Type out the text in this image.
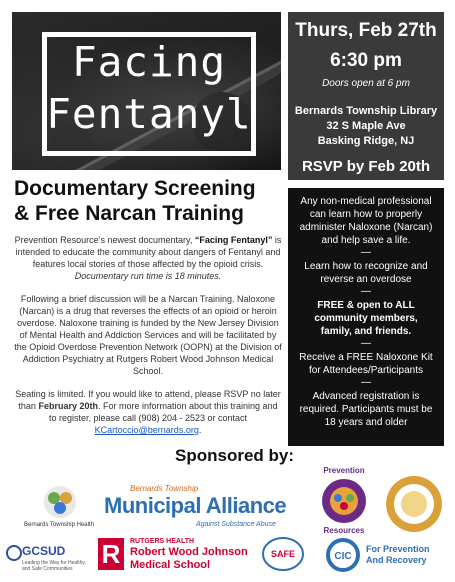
Facing
Fentanyl
Thurs, Feb 27th
6:30 pm
Doors open at 6 pm
Bernards Township Library
32 S Maple Ave
Basking Ridge, NJ
RSVP by Feb 20th

Any non-medical professional can learn how to properly administer Naloxone (Narcan) and help save a life.

—

Learn how to recognize and reverse an overdose

—

FREE & open to ALL community members, family, and friends.

—

Receive a FREE Naloxone Kit for Attendees/Participants

—

Advanced registration is required. Participants must be 18 years and older

Documentary Screening
& Free Narcan Training

Prevention Resource’s newest documentary, “Facing Fentanyl” is intended to educate the community about dangers of Fentanyl and features local stories of those affected by the opioid crisis. Documentary run time is 18 minutes.

Following a brief discussion will be a Narcan Training. Naloxone (Narcan) is a drug that reverses the effects of an opioid or heroin overdose. Naloxone training is funded by the New Jersey Division of Mental Health and Addiction Services and will be facilitated by the Opioid Overdose Prevention Network (OOPN) at the Division of Addiction Psychiatry at Rutgers Robert Wood Johnson Medical School.

Seating is limited. If you would like to attend, please RSVP no later than February 20th. For more information about this training and to register, please call (908) 204 - 2523 or contact KCartoccio@bernards.org.

Sponsored by:
Bernards Township Health
Bernards Township
Municipal Alliance
Against Substance Abuse
Prevention
Resources
GCSUD
Leading the Way for Healthy, and Safe Communities	R	RUTGERS HEALTH
Robert Wood Johnson
Medical School
SAFE	CIC
For Prevention
And Recovery
